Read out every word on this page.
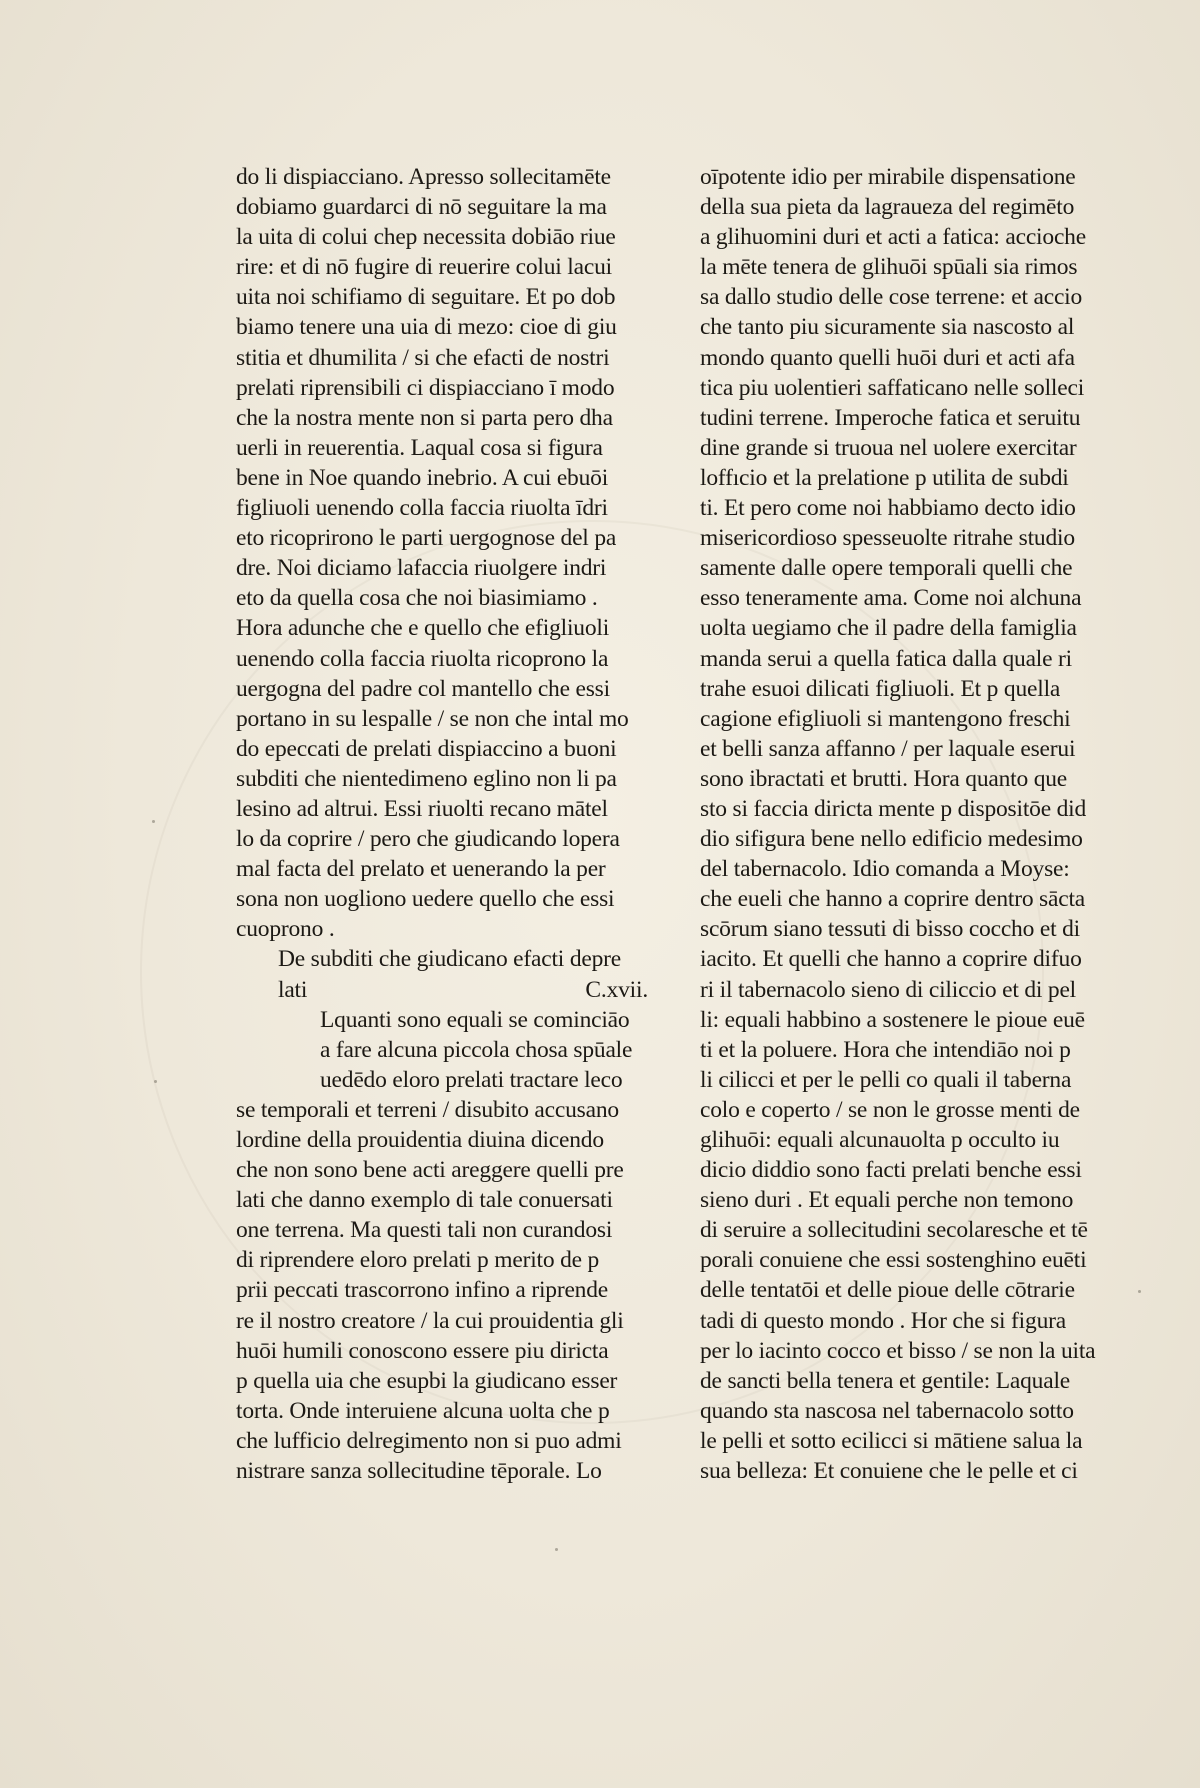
do li dispiacciano. Apresso sollecitamēte
dobiamo guardarci di nō seguitare la ma
la uita di colui chep necessita dobiāo riue
rire: et di nō fugire di reuerire colui lacui
uita noi schifiamo di seguitare. Et po dob
biamo tenere una uia di mezo: cioe di giu
stitia et dhumilita / si che efacti de nostri
prelati riprensibili ci dispiacciano ī modo
che la nostra mente non si parta pero dha
uerli in reuerentia. Laqual cosa si figura
bene in Noe quando inebrio. A cui ebuōi
figliuoli uenendo colla faccia riuolta īdri
eto ricoprirono le parti uergognose del pa
dre. Noi diciamo lafaccia riuolgere indri
eto da quella cosa che noi biasimiamo .
Hora adunche che e quello che efigliuoli
uenendo colla faccia riuolta ricoprono la
uergogna del padre col mantello che essi
portano in su lespalle / se non che intal mo
do epeccati de prelati dispiaccino a buoni
subditi che nientedimeno eglino non li pa
lesino ad altrui. Essi riuolti recano mātel
lo da coprire / pero che giudicando lopera
mal facta del prelato et uenerando la per
sona non uogliono uedere quello che essi
cuoprono .
De subditi che giudicano efacti depre
lati	C.xvii.
Lquanti sono equali se cominciāo
a fare alcuna piccola chosa spūale
uedēdo eloro prelati tractare leco
se temporali et terreni / disubito accusano
lordine della prouidentia diuina dicendo
che non sono bene acti areggere quelli pre
lati che danno exemplo di tale conuersati
one terrena. Ma questi tali non curandosi
di riprendere eloro prelati p merito de p
prii peccati trascorrono infino a riprende
re il nostro creatore / la cui prouidentia gli
huōi humili conoscono essere piu diricta
p quella uia che esupbi la giudicano esser
torta. Onde interuiene alcuna uolta che p
che lufficio delregimento non si puo admi
nistrare sanza sollecitudine tēporale. Lo
oīpotente idio per mirabile dispensatione
della sua pieta da lagraueza del regimēto
a glihuomini duri et acti a fatica: accioche
la mēte tenera de glihuōi spūali sia rimos
sa dallo studio delle cose terrene: et accio
che tanto piu sicuramente sia nascosto al
mondo quanto quelli huōi duri et acti afa
tica piu uolentieri saffaticano nelle solleci
tudini terrene. Imperoche fatica et seruitu
dine grande si truoua nel uolere exercitar
loffıcio et la prelatione p utilita de subdi
ti. Et pero come noi habbiamo decto idio
misericordioso spesseuolte ritrahe studio
samente dalle opere temporali quelli che
esso teneramente ama. Come noi alchuna
uolta uegiamo che il padre della famiglia
manda serui a quella fatica dalla quale ri
trahe esuoi dilicati figliuoli. Et p quella
cagione efigliuoli si mantengono freschi
et belli sanza affanno / per laquale eserui
sono ibractati et brutti. Hora quanto que
sto si faccia diricta mente p dispositōe did
dio sifigura bene nello edificio medesimo
del tabernacolo. Idio comanda a Moyse:
che eueli che hanno a coprire dentro sācta
scōrum siano tessuti di bisso coccho et di
iacito. Et quelli che hanno a coprire difuo
ri il tabernacolo sieno di ciliccio et di pel
li: equali habbino a sostenere le pioue euē
ti et la poluere. Hora che intendiāo noi p
li cilicci et per le pelli co quali il taberna
colo e coperto / se non le grosse menti de
glihuōi: equali alcunauolta p occulto iu
dicio diddio sono facti prelati benche essi
sieno duri . Et equali perche non temono
di seruire a sollecitudini secolaresche et tē
porali conuiene che essi sostenghino euēti
delle tentatōi et delle pioue delle cōtrarie
tadi di questo mondo . Hor che si figura
per lo iacinto cocco et bisso / se non la uita
de sancti bella tenera et gentile: Laquale
quando sta nascosa nel tabernacolo sotto
le pelli et sotto ecilicci si mātiene salua la
sua belleza: Et conuiene che le pelle et ci
